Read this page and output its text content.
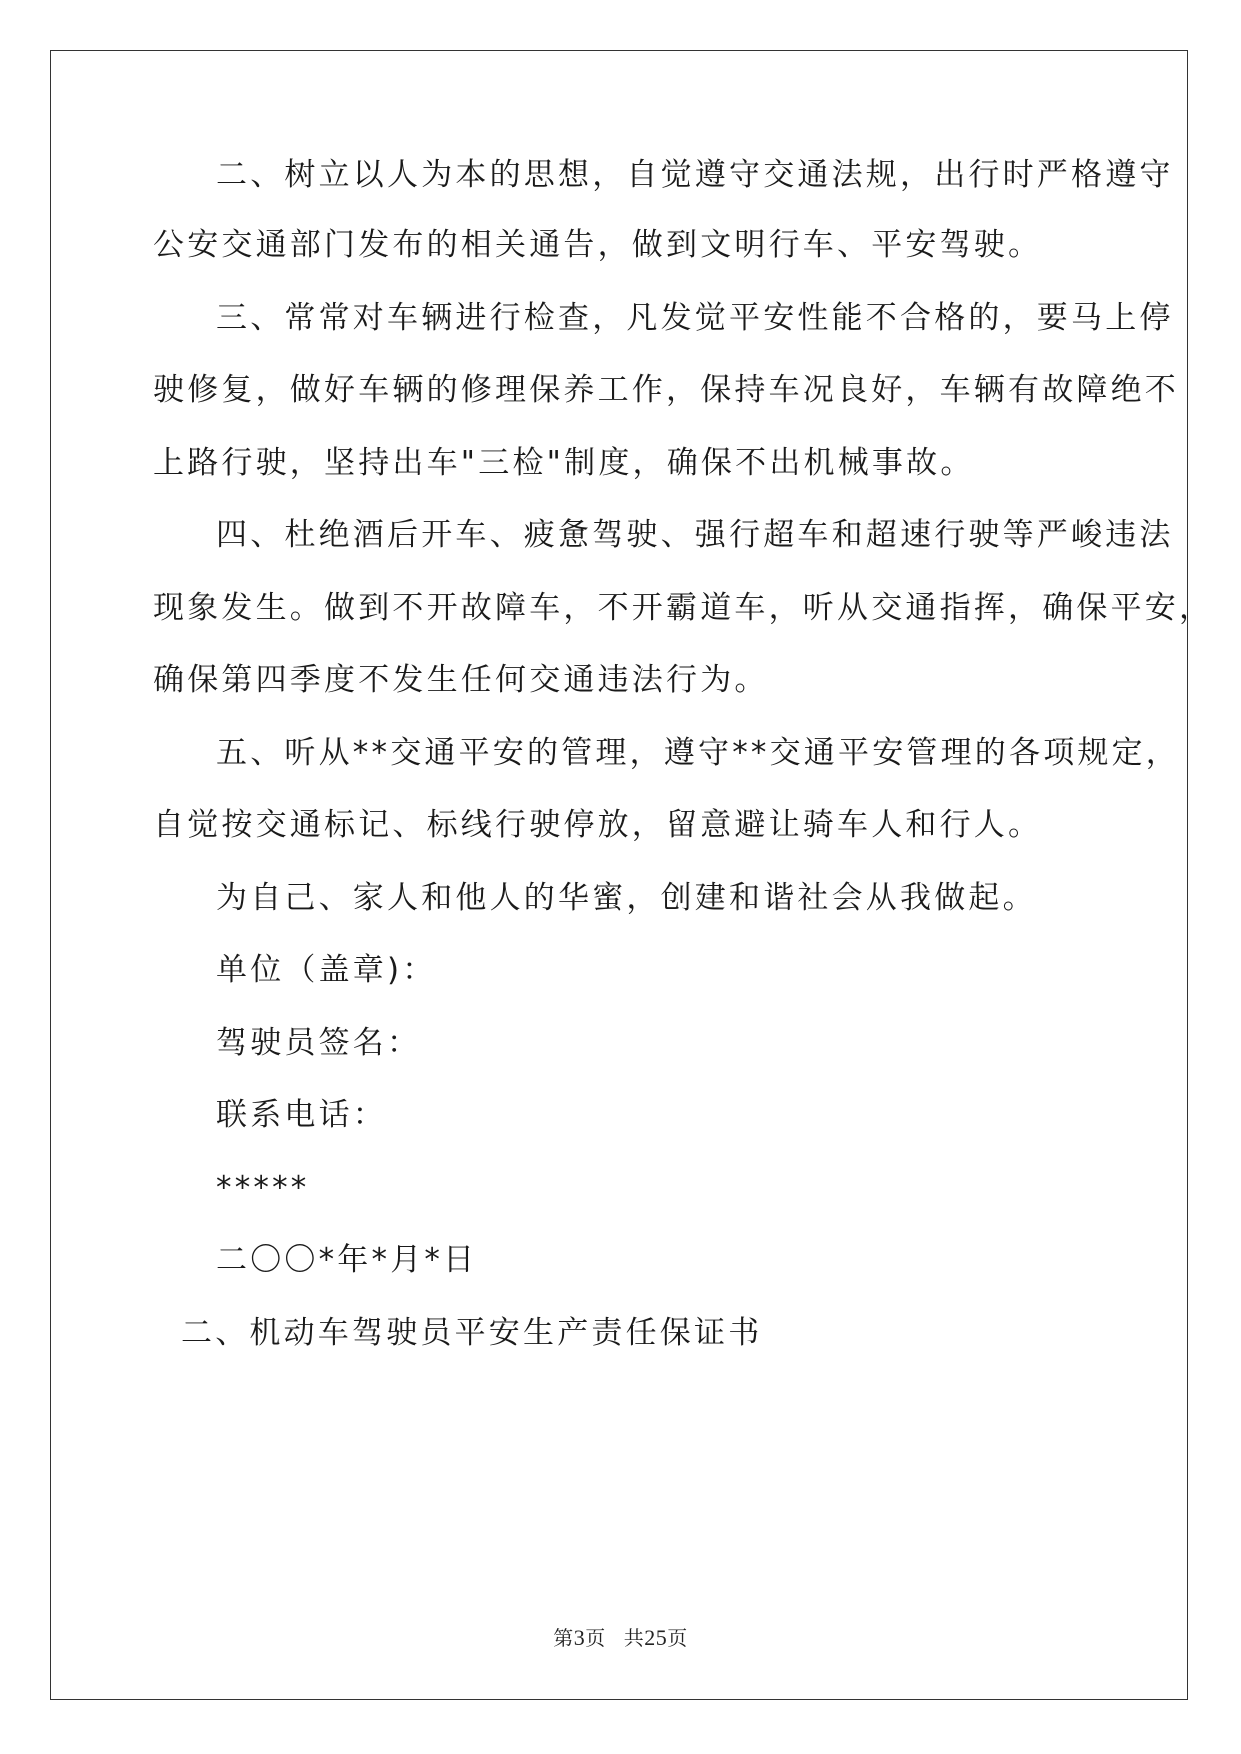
二、树立以人为本的思想，自觉遵守交通法规，出行时严格遵守
公安交通部门发布的相关通告，做到文明行车、平安驾驶。
三、常常对车辆进行检查，凡发觉平安性能不合格的，要马上停
驶修复，做好车辆的修理保养工作，保持车况良好，车辆有故障绝不
上路行驶，坚持出车"三检"制度，确保不出机械事故。
四、杜绝酒后开车、疲惫驾驶、强行超车和超速行驶等严峻违法
现象发生。做到不开故障车，不开霸道车，听从交通指挥，确保平安，
确保第四季度不发生任何交通违法行为。
五、听从**交通平安的管理，遵守**交通平安管理的各项规定，
自觉按交通标记、标线行驶停放，留意避让骑车人和行人。
为自己、家人和他人的华蜜，创建和谐社会从我做起。
单位（盖章)：
驾驶员签名：
联系电话：
*****
二〇〇*年*月*日
二、机动车驾驶员平安生产责任保证书
第3页 共25页
